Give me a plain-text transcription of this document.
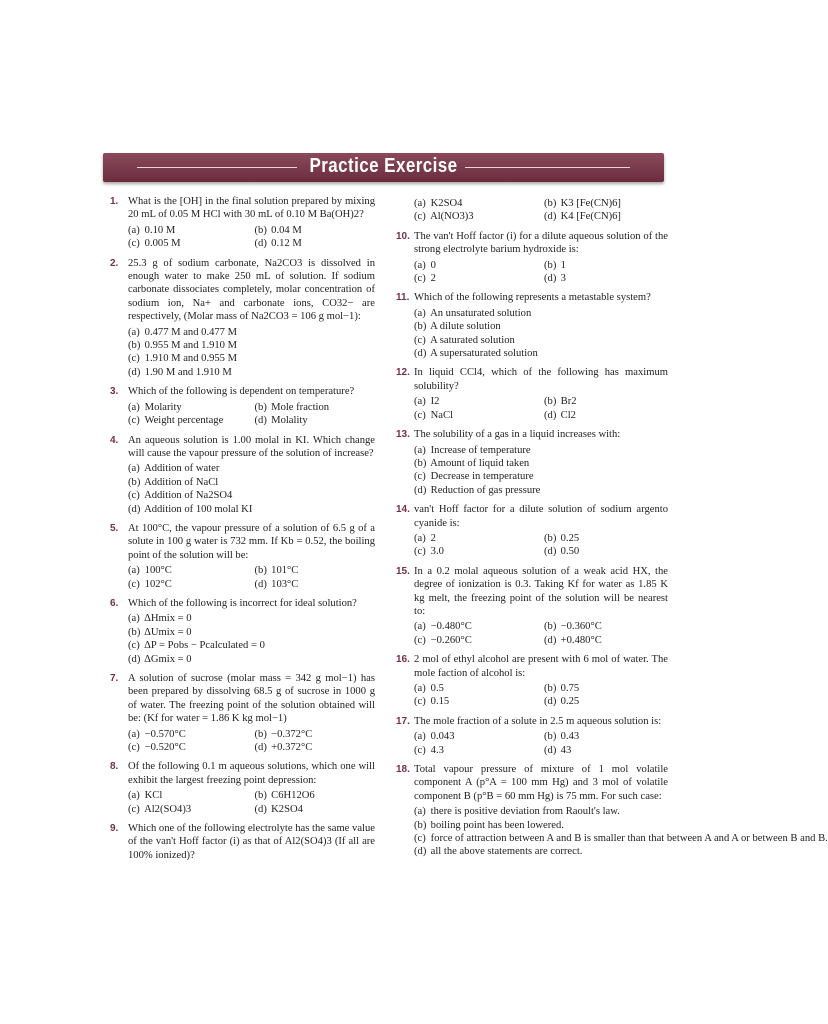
Practice Exercise
1. What is the [OH] in the final solution prepared by mixing 20 mL of 0.05 M HCl with 30 mL of 0.10 M Ba(OH)2?
(a) 0.10 M	(b) 0.04 M
(c) 0.005 M	(d) 0.12 M
2. 25.3 g of sodium carbonate, Na2CO3 is dissolved in enough water to make 250 mL of solution. If sodium carbonate dissociates completely, molar concentration of sodium ion, Na+ and carbonate ions, CO32− are respectively, (Molar mass of Na2CO3 = 106 g mol−1):
(a) 0.477 M and 0.477 M
(b) 0.955 M and 1.910 M
(c) 1.910 M and 0.955 M
(d) 1.90 M and 1.910 M
3. Which of the following is dependent on temperature?
(a) Molarity	(b) Mole fraction
(c) Weight percentage	(d) Molality
4. An aqueous solution is 1.00 molal in KI. Which change will cause the vapour pressure of the solution of increase?
(a) Addition of water
(b) Addition of NaCl
(c) Addition of Na2SO4
(d) Addition of 100 molal KI
5. At 100°C, the vapour pressure of a solution of 6.5 g of a solute in 100 g water is 732 mm. If Kb = 0.52, the boiling point of the solution will be:
(a) 100°C	(b) 101°C
(c) 102°C	(d) 103°C
6. Which of the following is incorrect for ideal solution?
(a) ΔHmix = 0
(b) ΔUmix = 0
(c) ΔP = Pobs − Pcalculated = 0
(d) ΔGmix = 0
7. A solution of sucrose (molar mass = 342 g mol−1) has been prepared by dissolving 68.5 g of sucrose in 1000 g of water. The freezing point of the solution obtained will be: (Kf for water = 1.86 K kg mol−1)
(a) −0.570°C	(b) −0.372°C
(c) −0.520°C	(d) +0.372°C
8. Of the following 0.1 m aqueous solutions, which one will exhibit the largest freezing point depression:
(a) KCl	(b) C6H12O6
(c) Al2(SO4)3	(d) K2SO4
9. Which one of the following electrolyte has the same value of the van't Hoff factor (i) as that of Al2(SO4)3 (If all are 100% ionized)?
(a) K2SO4	(b) K3 [Fe(CN)6]
(c) Al(NO3)3	(d) K4 [Fe(CN)6]
10. The van't Hoff factor (i) for a dilute aqueous solution of the strong electrolyte barium hydroxide is:
(a) 0	(b) 1
(c) 2	(d) 3
11. Which of the following represents a metastable system?
(a) An unsaturated solution
(b) A dilute solution
(c) A saturated solution
(d) A supersaturated solution
12. In liquid CCl4, which of the following has maximum solubility?
(a) I2	(b) Br2
(c) NaCl	(d) Cl2
13. The solubility of a gas in a liquid increases with:
(a) Increase of temperature
(b) Amount of liquid taken
(c) Decrease in temperature
(d) Reduction of gas pressure
14. van't Hoff factor for a dilute solution of sodium argento cyanide is:
(a) 2	(b) 0.25
(c) 3.0	(d) 0.50
15. In a 0.2 molal aqueous solution of a weak acid HX, the degree of ionization is 0.3. Taking Kf for water as 1.85 K kg melt, the freezing point of the solution will be nearest to:
(a) −0.480°C	(b) −0.360°C
(c) −0.260°C	(d) +0.480°C
16. 2 mol of ethyl alcohol are present with 6 mol of water. The mole faction of alcohol is:
(a) 0.5	(b) 0.75
(c) 0.15	(d) 0.25
17. The mole fraction of a solute in 2.5 m aqueous solution is:
(a) 0.043	(b) 0.43
(c) 4.3	(d) 43
18. Total vapour pressure of mixture of 1 mol volatile component A (p°A = 100 mm Hg) and 3 mol of volatile component B (p°B = 60 mm Hg) is 75 mm. For such case:
(a) there is positive deviation from Raoult's law.
(b) boiling point has been lowered.
(c) force of attraction between A and B is smaller than that between A and A or between B and B.
(d) all the above statements are correct.
